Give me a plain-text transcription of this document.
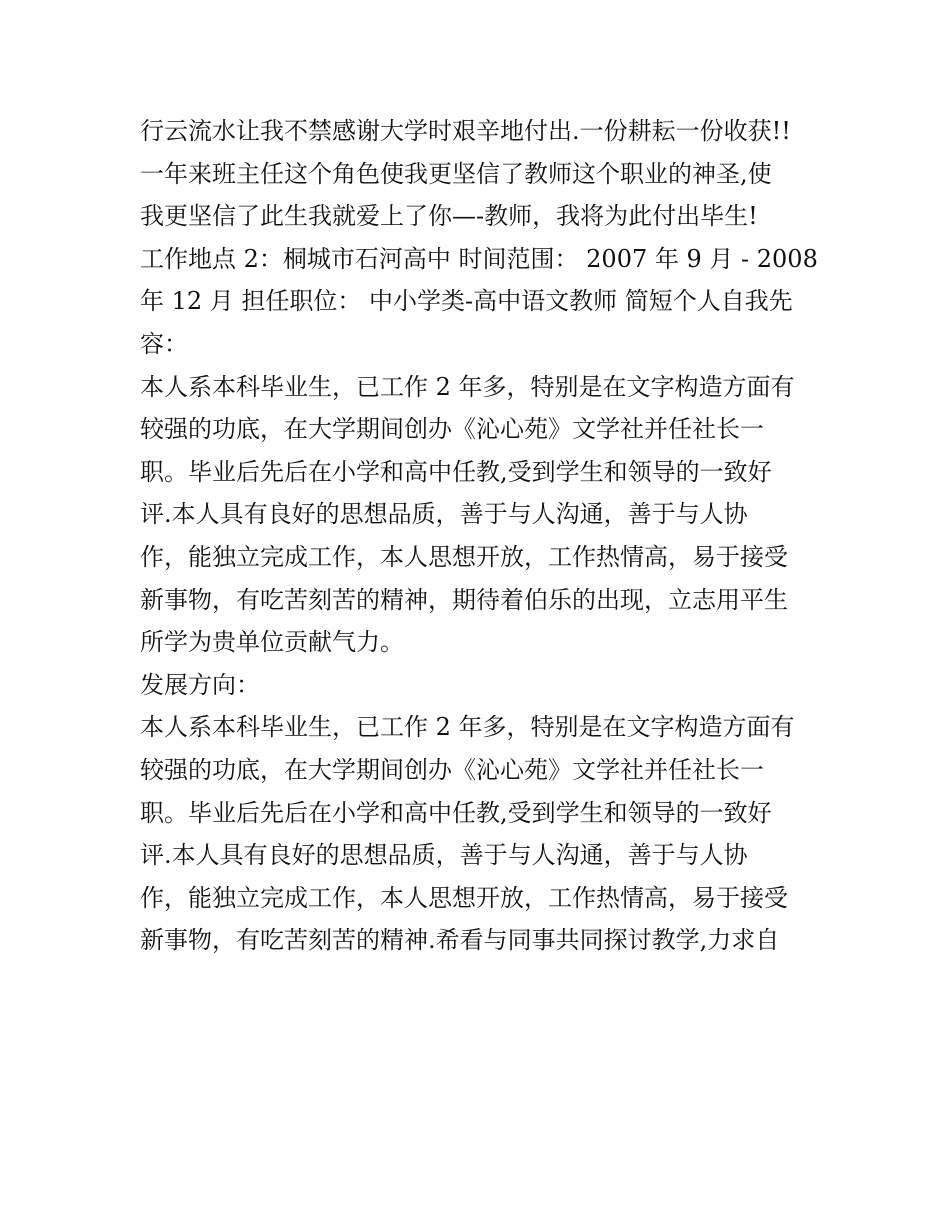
行云流水让我不禁感谢大学时艰辛地付出.一份耕耘一份收获!!
一年来班主任这个角色使我更坚信了教师这个职业的神圣,使
我更坚信了此生我就爱上了你—-教师，我将为此付出毕生!
工作地点 2：桐城市石河高中 时间范围： 2007 年 9 月 - 2008
年 12 月 担任职位： 中小学类-高中语文教师 简短个人自我先
容：
本人系本科毕业生，已工作 2 年多，特别是在文字构造方面有
较强的功底，在大学期间创办《沁心苑》文学社并任社长一
职。毕业后先后在小学和高中任教,受到学生和领导的一致好
评.本人具有良好的思想品质，善于与人沟通，善于与人协
作，能独立完成工作，本人思想开放，工作热情高，易于接受
新事物，有吃苦刻苦的精神，期待着伯乐的出现，立志用平生
所学为贵单位贡献气力。
发展方向：
本人系本科毕业生，已工作 2 年多，特别是在文字构造方面有
较强的功底，在大学期间创办《沁心苑》文学社并任社长一
职。毕业后先后在小学和高中任教,受到学生和领导的一致好
评.本人具有良好的思想品质，善于与人沟通，善于与人协
作，能独立完成工作，本人思想开放，工作热情高，易于接受
新事物，有吃苦刻苦的精神.希看与同事共同探讨教学,力求自
